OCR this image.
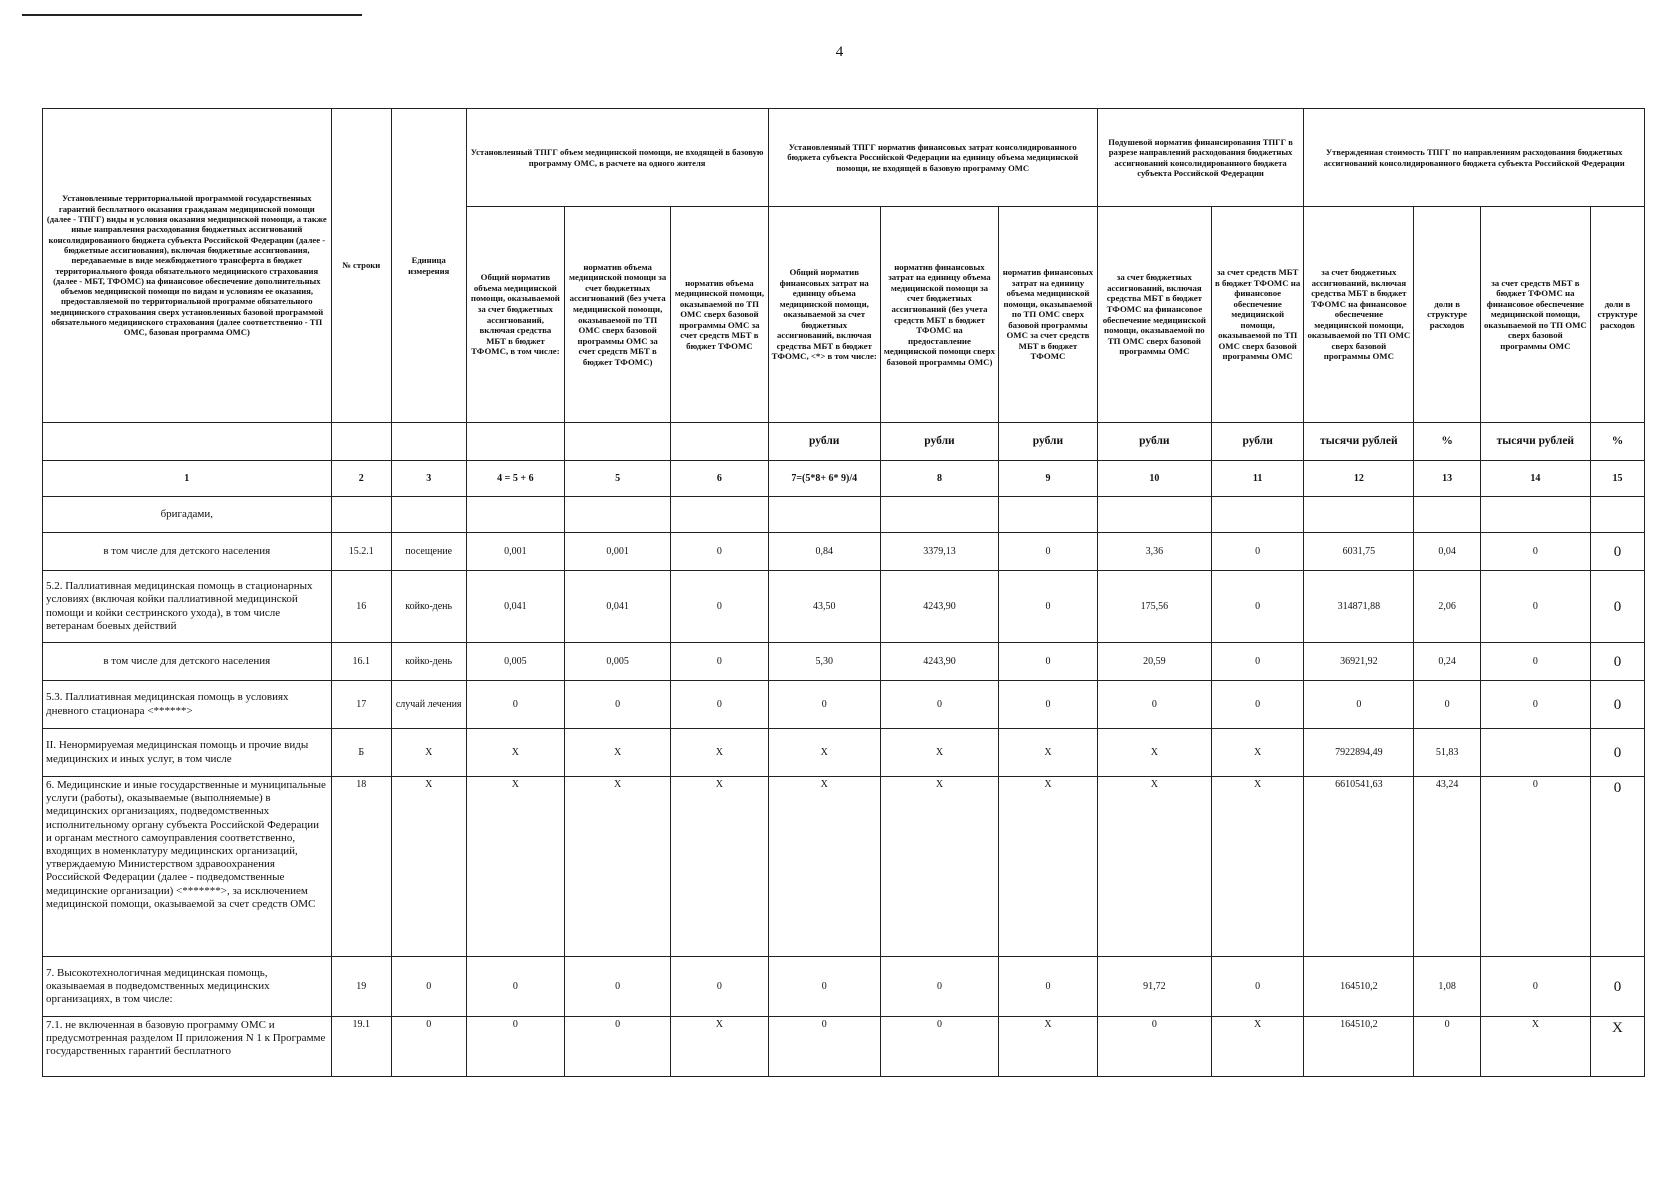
4
Установленные территориальной программой государственных гарантий бесплатного оказания гражданам медицинской помощи (далее - ТПГГ) виды и условия оказания медицинской помощи, а также иные направления расходования бюджетных ассигнований консолидированного бюджета субъекта Российской Федерации (далее - бюджетные ассигнования), включая бюджетные ассигнования, передаваемые в виде межбюджетного трансферта в бюджет территориального фонда обязательного медицинского страхования (далее - МБТ, ТФОМС) на финансовое обеспечение дополнительных объемов медицинской помощи по видам и условиям ее оказания, предоставляемой по территориальной программе обязательного медицинского страхования сверх установленных базовой программой обязательного медицинского страхования (далее соответственно - ТП ОМС, базовая программа ОМС)	№ строки	Единица измерения	Установленный ТПГГ объем медицинской помощи, не входящей в базовую программу ОМС, в расчете на одного жителя			Установленный ТПГГ норматив финансовых затрат консолидированного бюджета субъекта Российской Федерации на единицу объема медицинской помощи, не входящей в базовую программу ОМС			Подушевой норматив финансирования ТПГГ в разрезе направлений расходования бюджетных ассигнований консолидированного бюджета субъекта Российской Федерации		Утвержденная стоимость ТПГГ по направлениям расходования бюджетных ассигнований консолидированного бюджета субъекта Российской Федерации			
			Общий норматив объема медицинской помощи, оказываемой за счет бюджетных ассигнований, включая средства МБТ в бюджет ТФОМС, в том числе:	норматив объема медицинской помощи за счет бюджетных ассигнований (без учета медицинской помощи, оказываемой по ТП ОМС сверх базовой программы ОМС за счет средств МБТ в бюджет ТФОМС)	норматив объема медицинской помощи, оказываемой по ТП ОМС сверх базовой программы ОМС за счет средств МБТ в бюджет ТФОМС	Общий норматив финансовых затрат на единицу объема медицинской помощи, оказываемой за счет бюджетных ассигнований, включая средства МБТ в бюджет ТФОМС, <*> в том числе:	норматив финансовых затрат на единицу объема медицинской помощи за счет бюджетных ассигнований (без учета средств МБТ в бюджет ТФОМС на предоставление медицинской помощи сверх базовой программы ОМС)	норматив финансовых затрат на единицу объема медицинской помощи, оказываемой по ТП ОМС сверх базовой программы ОМС за счет средств МБТ в бюджет ТФОМС	за счет бюджетных ассигнований, включая средства МБТ в бюджет ТФОМС на финансовое обеспечение медицинской помощи, оказываемой по ТП ОМС сверх базовой программы ОМС	за счет средств МБТ в бюджет ТФОМС на финансовое обеспечение медицинской помощи, оказываемой по ТП ОМС сверх базовой программы ОМС	за счет бюджетных ассигнований, включая средства МБТ в бюджет ТФОМС на финансовое обеспечение медицинской помощи, оказываемой по ТП ОМС сверх базовой программы ОМС	доли в структуре расходов	за счет средств МБТ в бюджет ТФОМС на финансовое обеспечение медицинской помощи, оказываемой по ТП ОМС сверх базовой программы ОМС	доли в структуре расходов
						рубли	рубли	рубли	рубли	рубли	тысячи рублей	%	тысячи рублей	%
1	2	3	4 = 5 + 6	5	6	7=(5*8+ 6* 9)/4	8	9	10	11	12	13	14	15
бригадами,														
в том числе для детского населения	15.2.1	посещение	0,001	0,001	0	0,84	3379,13	0	3,36	0	6031,75	0,04	0	0
5.2. Паллиативная медицинская помощь в стационарных условиях (включая койки паллиативной медицинской помощи и койки сестринского ухода), в том числе ветеранам боевых действий	16	койко-день	0,041	0,041	0	43,50	4243,90	0	175,56	0	314871,88	2,06	0	0
в том числе для детского населения	16.1	койко-день	0,005	0,005	0	5,30	4243,90	0	20,59	0	36921,92	0,24	0	0
5.3. Паллиативная медицинская помощь в условиях дневного стационара <******>	17	случай лечения	0	0	0	0	0	0	0	0	0	0	0	0
II. Ненормируемая медицинская помощь и прочие виды медицинских и иных услуг, в том числе	Б	Х	Х	Х	Х	Х	Х	Х	Х	Х	7922894,49	51,83		0
6. Медицинские и иные государственные и муниципальные услуги (работы), оказываемые (выполняемые) в медицинских организациях, подведомственных исполнительному органу субъекта Российской Федерации и органам местного самоуправления соответственно, входящих в номенклатуру медицинских организаций, утверждаемую Министерством здравоохранения Российской Федерации (далее - подведомственные медицинские организации) <*******>, за исключением медицинской помощи, оказываемой за счет средств ОМС	18	Х	Х	Х	Х	Х	Х	Х	Х	Х	6610541,63	43,24	0	0
7. Высокотехнологичная медицинская помощь, оказываемая в подведомственных медицинских организациях, в том числе:	19	0	0	0	0	0	0	0	91,72	0	164510,2	1,08	0	0
7.1. не включенная в базовую программу ОМС и предусмотренная разделом II приложения N 1 к Программе государственных гарантий бесплатного	19.1	0	0	0	Х	0	0	Х	0	Х	164510,2	0	Х	Х
